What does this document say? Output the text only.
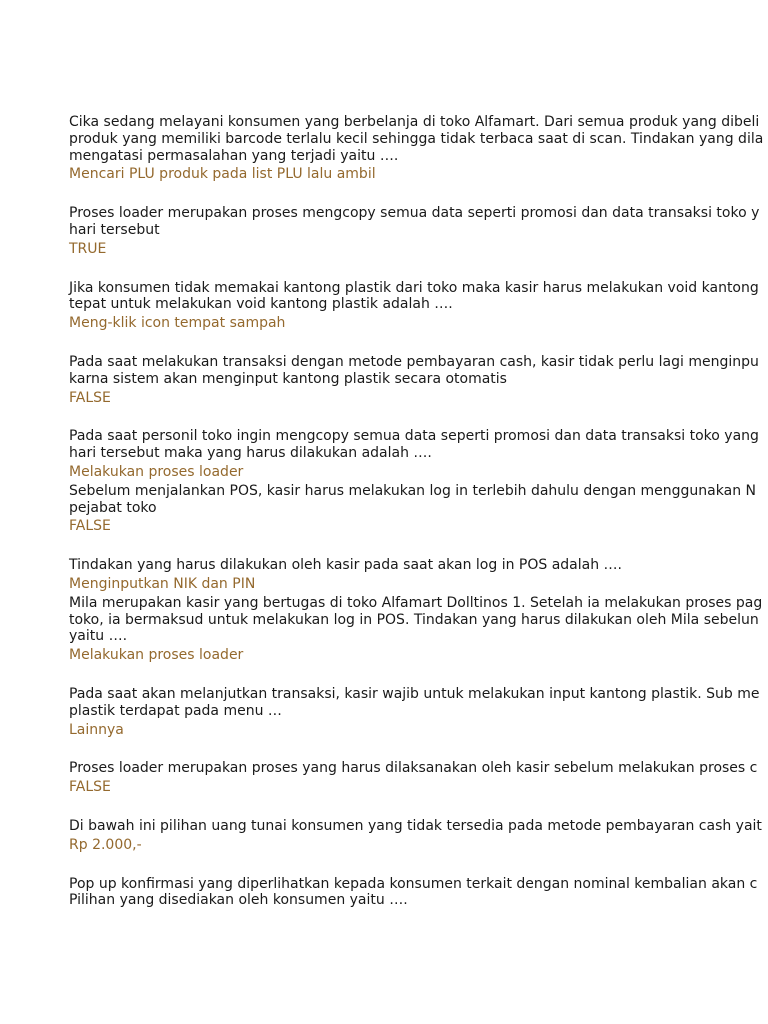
Cika sedang melayani konsumen yang berbelanja di toko Alfamart. Dari semua produk yang dibeli
produk yang memiliki barcode terlalu kecil sehingga tidak terbaca saat di scan. Tindakan yang dila
mengatasi permasalahan yang terjadi yaitu ….
Mencari PLU produk pada list PLU lalu ambil
Proses loader merupakan proses mengcopy semua data seperti promosi dan data transaksi toko y
hari tersebut
TRUE
Jika konsumen tidak memakai kantong plastik dari toko maka kasir harus melakukan void kantong
tepat untuk melakukan void kantong plastik adalah ….
Meng-klik icon tempat sampah
Pada saat melakukan transaksi dengan metode pembayaran cash, kasir tidak perlu lagi menginpu
karna sistem akan menginput kantong plastik secara otomatis
FALSE
Pada saat personil toko ingin mengcopy semua data seperti promosi dan data transaksi toko yang
hari tersebut maka yang harus dilakukan adalah ….
Melakukan proses loader
Sebelum menjalankan POS, kasir harus melakukan log in terlebih dahulu dengan menggunakan N
pejabat toko
FALSE
Tindakan yang harus dilakukan oleh kasir pada saat akan log in POS adalah ….
Menginputkan NIK dan PIN
Mila merupakan kasir yang bertugas di toko Alfamart Dolltinos 1. Setelah ia melakukan proses pag
toko, ia bermaksud untuk melakukan log in POS. Tindakan yang harus dilakukan oleh Mila sebelun
yaitu ….
Melakukan proses loader
Pada saat akan melanjutkan transaksi, kasir wajib untuk melakukan input kantong plastik. Sub me
plastik terdapat pada menu …
Lainnya
Proses loader merupakan proses yang harus dilaksanakan oleh kasir sebelum melakukan proses c
FALSE
Di bawah ini pilihan uang tunai konsumen yang tidak tersedia pada metode pembayaran cash yait
Rp 2.000,-
Pop up konfirmasi yang diperlihatkan kepada konsumen terkait dengan nominal kembalian akan c
Pilihan yang disediakan oleh konsumen yaitu ….
